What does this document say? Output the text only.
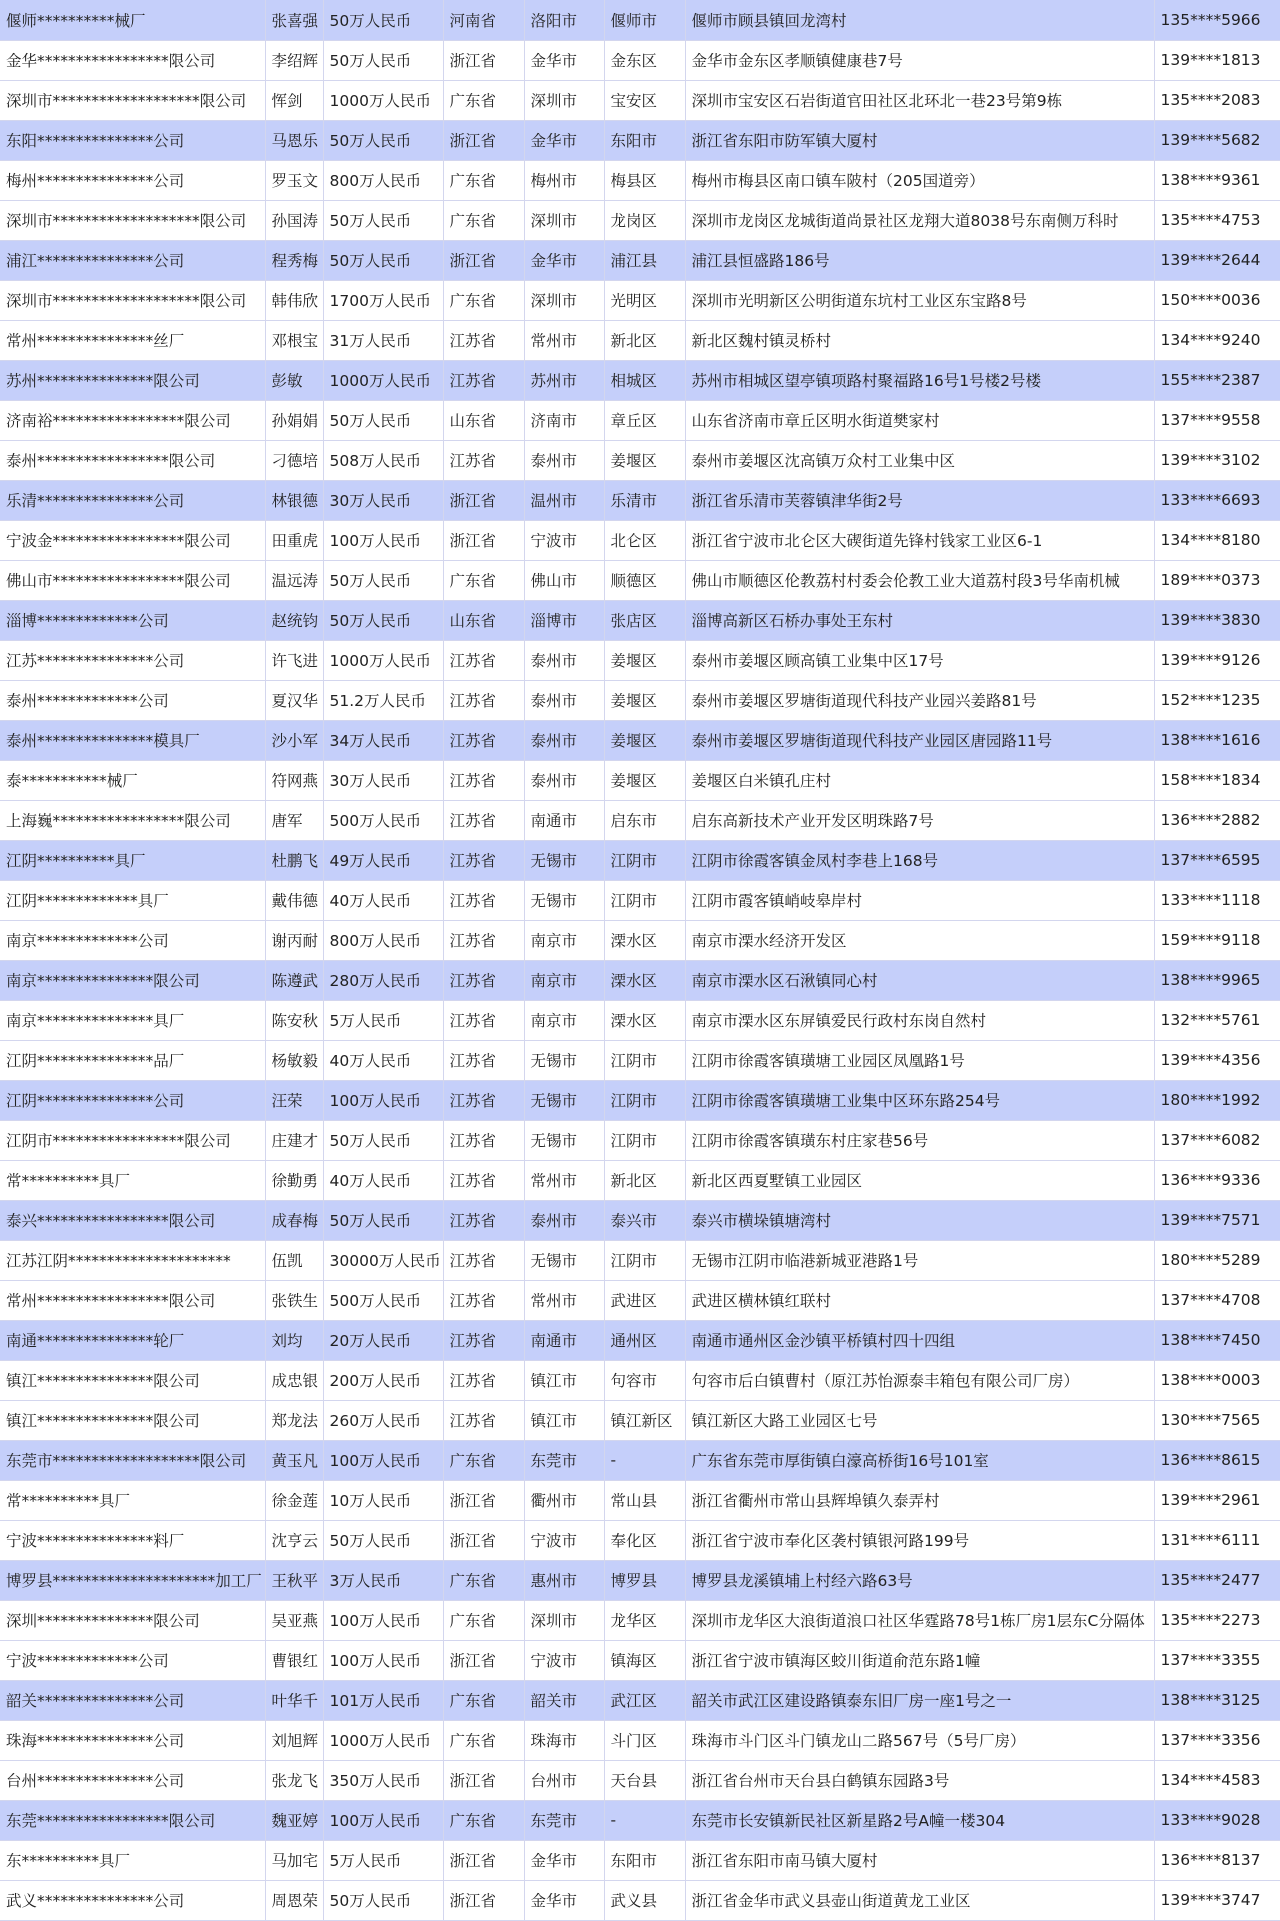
偃师**********械厂	张喜强	50万人民币	河南省	洛阳市	偃师市	偃师市顾县镇回龙湾村	135****5966
金华*****************限公司	李绍辉	50万人民币	浙江省	金华市	金东区	金华市金东区孝顺镇健康巷7号	139****1813
深圳市*******************限公司	恽剑	1000万人民币	广东省	深圳市	宝安区	深圳市宝安区石岩街道官田社区北环北一巷23号第9栋	135****2083
东阳***************公司	马恩乐	50万人民币	浙江省	金华市	东阳市	浙江省东阳市防军镇大厦村	139****5682
梅州***************公司	罗玉文	800万人民币	广东省	梅州市	梅县区	梅州市梅县区南口镇车陂村（205国道旁）	138****9361
深圳市*******************限公司	孙国涛	50万人民币	广东省	深圳市	龙岗区	深圳市龙岗区龙城街道尚景社区龙翔大道8038号东南侧万科时	135****4753
浦江***************公司	程秀梅	50万人民币	浙江省	金华市	浦江县	浦江县恒盛路186号	139****2644
深圳市*******************限公司	韩伟欣	1700万人民币	广东省	深圳市	光明区	深圳市光明新区公明街道东坑村工业区东宝路8号	150****0036
常州***************丝厂	邓根宝	31万人民币	江苏省	常州市	新北区	新北区魏村镇灵桥村	134****9240
苏州***************限公司	彭敏	1000万人民币	江苏省	苏州市	相城区	苏州市相城区望亭镇项路村聚福路16号1号楼2号楼	155****2387
济南裕*****************限公司	孙娟娟	50万人民币	山东省	济南市	章丘区	山东省济南市章丘区明水街道樊家村	137****9558
泰州*****************限公司	刁德培	508万人民币	江苏省	泰州市	姜堰区	泰州市姜堰区沈高镇万众村工业集中区	139****3102
乐清***************公司	林银德	30万人民币	浙江省	温州市	乐清市	浙江省乐清市芙蓉镇津华街2号	133****6693
宁波金*****************限公司	田重虎	100万人民币	浙江省	宁波市	北仑区	浙江省宁波市北仑区大碶街道先锋村钱家工业区6-1	134****8180
佛山市*****************限公司	温远涛	50万人民币	广东省	佛山市	顺德区	佛山市顺德区伦教荔村村委会伦教工业大道荔村段3号华南机械	189****0373
淄博*************公司	赵统钧	50万人民币	山东省	淄博市	张店区	淄博高新区石桥办事处王东村	139****3830
江苏***************公司	许飞进	1000万人民币	江苏省	泰州市	姜堰区	泰州市姜堰区顾高镇工业集中区17号	139****9126
泰州*************公司	夏汉华	51.2万人民币	江苏省	泰州市	姜堰区	泰州市姜堰区罗塘街道现代科技产业园兴姜路81号	152****1235
泰州***************模具厂	沙小军	34万人民币	江苏省	泰州市	姜堰区	泰州市姜堰区罗塘街道现代科技产业园区唐园路11号	138****1616
泰***********械厂	符网燕	30万人民币	江苏省	泰州市	姜堰区	姜堰区白米镇孔庄村	158****1834
上海巍*****************限公司	唐军	500万人民币	江苏省	南通市	启东市	启东高新技术产业开发区明珠路7号	136****2882
江阴**********具厂	杜鹏飞	49万人民币	江苏省	无锡市	江阴市	江阴市徐霞客镇金凤村李巷上168号	137****6595
江阴*************具厂	戴伟德	40万人民币	江苏省	无锡市	江阴市	江阴市霞客镇峭岐皋岸村	133****1118
南京*************公司	谢丙耐	800万人民币	江苏省	南京市	溧水区	南京市溧水经济开发区	159****9118
南京***************限公司	陈遵武	280万人民币	江苏省	南京市	溧水区	南京市溧水区石湫镇同心村	138****9965
南京***************具厂	陈安秋	5万人民币	江苏省	南京市	溧水区	南京市溧水区东屏镇爱民行政村东岗自然村	132****5761
江阴***************品厂	杨敏毅	40万人民币	江苏省	无锡市	江阴市	江阴市徐霞客镇璜塘工业园区凤凰路1号	139****4356
江阴***************公司	汪荣	100万人民币	江苏省	无锡市	江阴市	江阴市徐霞客镇璜塘工业集中区环东路254号	180****1992
江阴市*****************限公司	庄建才	50万人民币	江苏省	无锡市	江阴市	江阴市徐霞客镇璜东村庄家巷56号	137****6082
常**********具厂	徐勤勇	40万人民币	江苏省	常州市	新北区	新北区西夏墅镇工业园区	136****9336
泰兴*****************限公司	成春梅	50万人民币	江苏省	泰州市	泰兴市	泰兴市横垛镇塘湾村	139****7571
江苏江阴*********************	伍凯	30000万人民币	江苏省	无锡市	江阴市	无锡市江阴市临港新城亚港路1号	180****5289
常州*****************限公司	张铁生	500万人民币	江苏省	常州市	武进区	武进区横林镇红联村	137****4708
南通***************轮厂	刘均	20万人民币	江苏省	南通市	通州区	南通市通州区金沙镇平桥镇村四十四组	138****7450
镇江***************限公司	成忠银	200万人民币	江苏省	镇江市	句容市	句容市后白镇曹村（原江苏怡源泰丰箱包有限公司厂房）	138****0003
镇江***************限公司	郑龙法	260万人民币	江苏省	镇江市	镇江新区	镇江新区大路工业园区七号	130****7565
东莞市*******************限公司	黄玉凡	100万人民币	广东省	东莞市	-	广东省东莞市厚街镇白濠高桥街16号101室	136****8615
常**********具厂	徐金莲	10万人民币	浙江省	衢州市	常山县	浙江省衢州市常山县辉埠镇久泰弄村	139****2961
宁波***************料厂	沈亨云	50万人民币	浙江省	宁波市	奉化区	浙江省宁波市奉化区袭村镇银河路199号	131****6111
博罗县*********************加工厂	王秋平	3万人民币	广东省	惠州市	博罗县	博罗县龙溪镇埔上村经六路63号	135****2477
深圳***************限公司	吴亚燕	100万人民币	广东省	深圳市	龙华区	深圳市龙华区大浪街道浪口社区华霆路78号1栋厂房1层东C分隔体	135****2273
宁波*************公司	曹银红	100万人民币	浙江省	宁波市	镇海区	浙江省宁波市镇海区蛟川街道俞范东路1幢	137****3355
韶关***************公司	叶华千	101万人民币	广东省	韶关市	武江区	韶关市武江区建设路镇泰东旧厂房一座1号之一	138****3125
珠海***************公司	刘旭辉	1000万人民币	广东省	珠海市	斗门区	珠海市斗门区斗门镇龙山二路567号（5号厂房）	137****3356
台州***************公司	张龙飞	350万人民币	浙江省	台州市	天台县	浙江省台州市天台县白鹤镇东园路3号	134****4583
东莞*****************限公司	魏亚婷	100万人民币	广东省	东莞市	-	东莞市长安镇新民社区新星路2号A幢一楼304	133****9028
东**********具厂	马加宅	5万人民币	浙江省	金华市	东阳市	浙江省东阳市南马镇大厦村	136****8137
武义***************公司	周恩荣	50万人民币	浙江省	金华市	武义县	浙江省金华市武义县壶山街道黄龙工业区	139****3747
